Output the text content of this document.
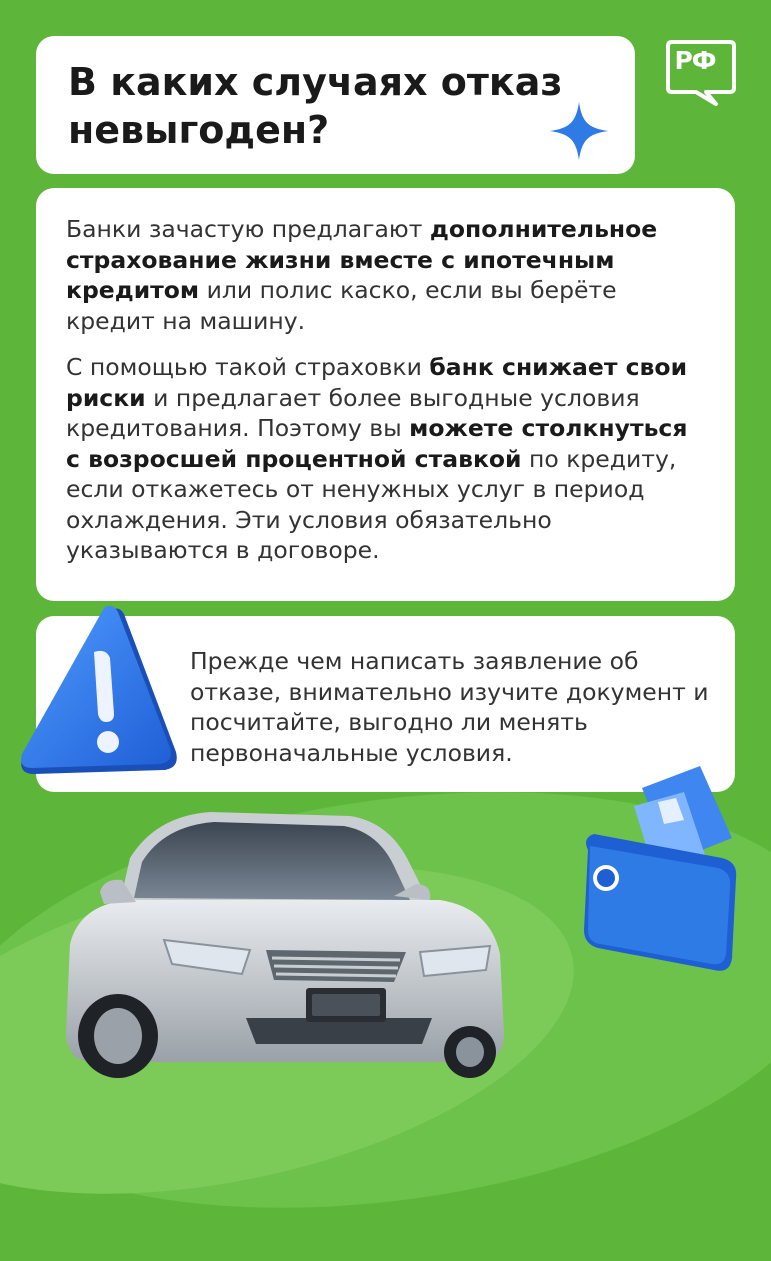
В каких случаях отказ невыгоден?
РФ

Банки зачастую предлагают дополнительное страхование жизни вместе с ипотечным кредитом или полис каско, если вы берёте кредит на машину.

С помощью такой страховки банк снижает свои риски и предлагает более выгодные условия кредитования. Поэтому вы можете столкнуться с возросшей процентной ставкой по кредиту, если откажетесь от ненужных услуг в период охлаждения. Эти условия обязательно указываются в договоре.

Прежде чем написать заявление об отказе, внимательно изучите документ и посчитайте, выгодно ли менять первоначальные условия.
